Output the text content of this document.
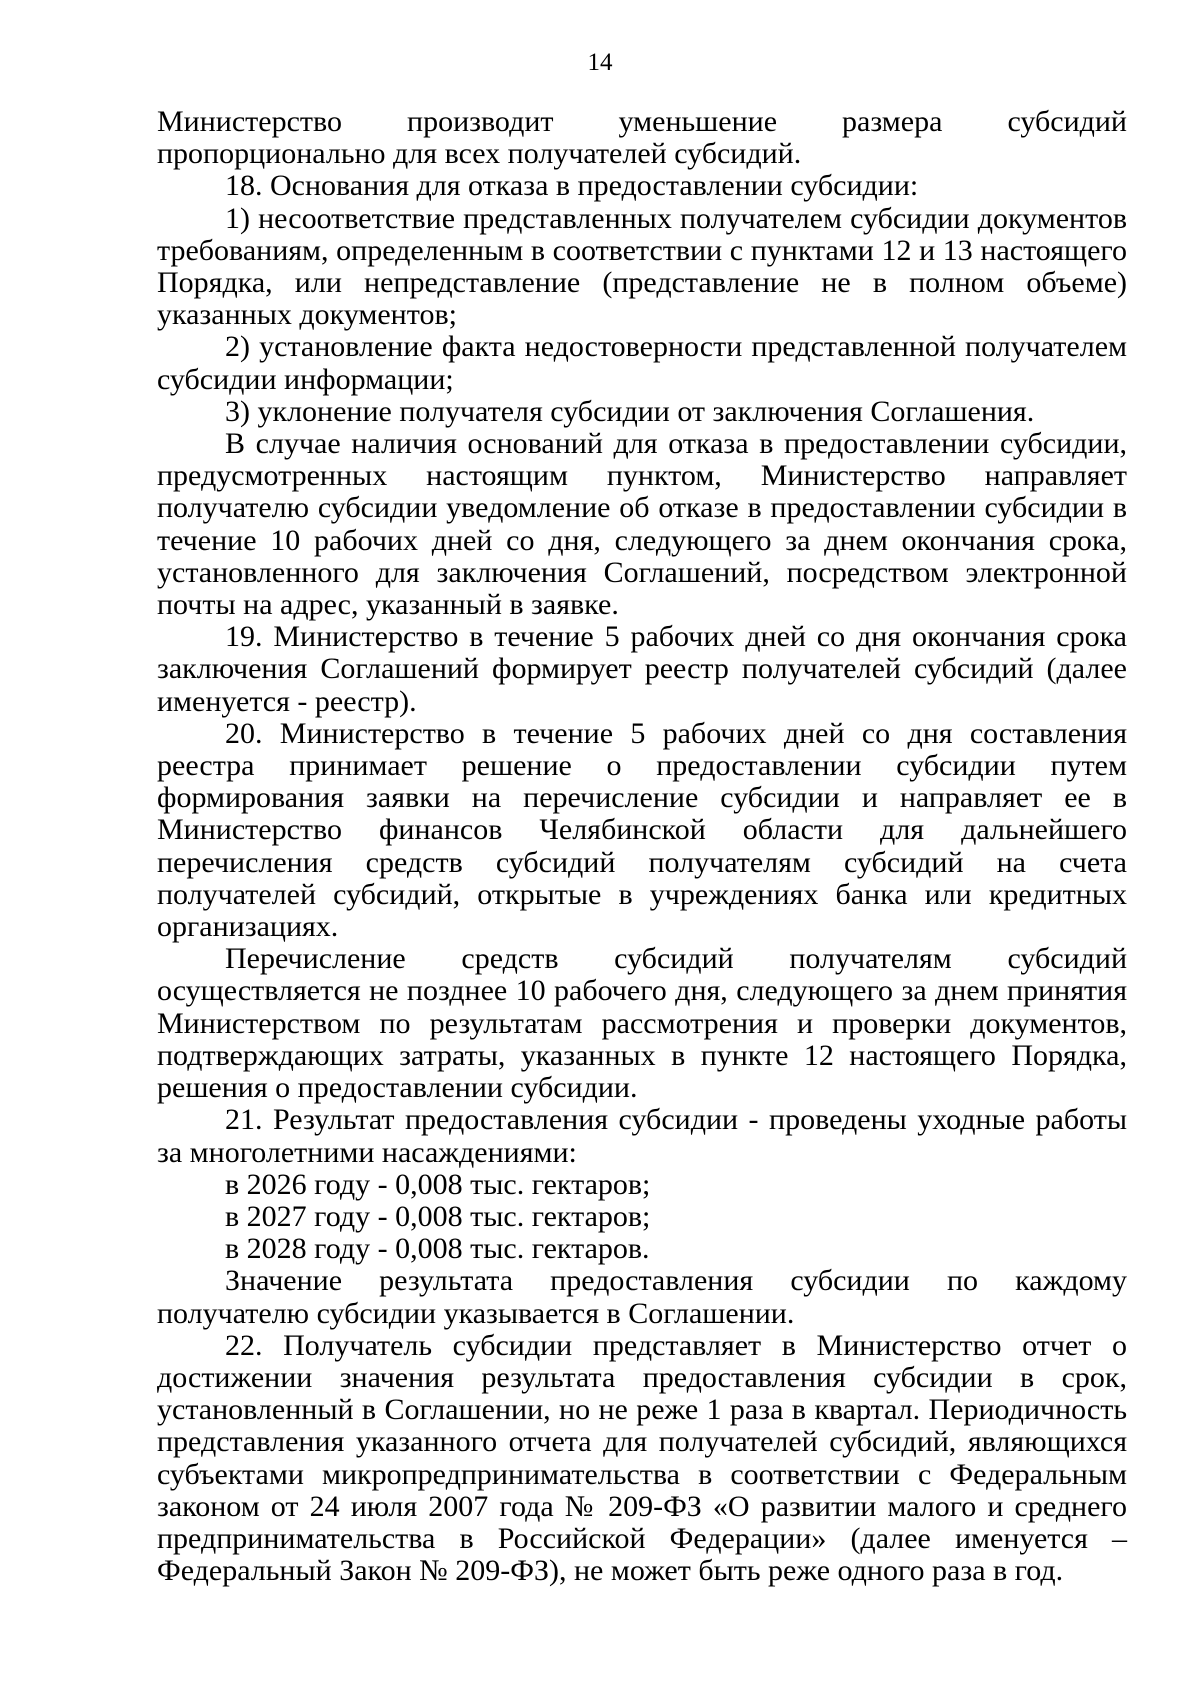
14

Министерство производит уменьшение размера субсидий пропорционально для всех получателей субсидий.

18. Основания для отказа в предоставлении субсидии:

1) несоответствие представленных получателем субсидии документов требованиям, определенным в соответствии с пунктами 12 и 13 настоящего Порядка, или непредставление (представление не в полном объеме) указанных документов;

2) установление факта недостоверности представленной получателем субсидии информации;

3) уклонение получателя субсидии от заключения Соглашения.

В случае наличия оснований для отказа в предоставлении субсидии, предусмотренных настоящим пунктом, Министерство направляет получателю субсидии уведомление об отказе в предоставлении субсидии в течение 10 рабочих дней со дня, следующего за днем окончания срока, установленного для заключения Соглашений, посредством электронной почты на адрес, указанный в заявке.

19. Министерство в течение 5 рабочих дней со дня окончания срока заключения Соглашений формирует реестр получателей субсидий (далее именуется - реестр).

20. Министерство в течение 5 рабочих дней со дня составления реестра принимает решение о предоставлении субсидии путем формирования заявки на перечисление субсидии и направляет ее в Министерство финансов Челябинской области для дальнейшего перечисления средств субсидий получателям субсидий на счета получателей субсидий, открытые в учреждениях банка или кредитных организациях.

Перечисление средств субсидий получателям субсидий осуществляется не позднее 10 рабочего дня, следующего за днем принятия Министерством по результатам рассмотрения и проверки документов, подтверждающих затраты, указанных в пункте 12 настоящего Порядка, решения о предоставлении субсидии.

21. Результат предоставления субсидии - проведены уходные работы за многолетними насаждениями:

в 2026 году - 0,008 тыс. гектаров;

в 2027 году - 0,008 тыс. гектаров;

в 2028 году - 0,008 тыс. гектаров.

Значение результата предоставления субсидии по каждому получателю субсидии указывается в Соглашении.

22. Получатель субсидии представляет в Министерство отчет о достижении значения результата предоставления субсидии в срок, установленный в Соглашении, но не реже 1 раза в квартал. Периодичность представления указанного отчета для получателей субсидий, являющихся субъектами микропредпринимательства в соответствии с Федеральным законом от 24 июля 2007 года № 209-ФЗ «О развитии малого и среднего предпринимательства в Российской Федерации» (далее именуется – Федеральный Закон № 209-ФЗ), не может быть реже одного раза в год.
